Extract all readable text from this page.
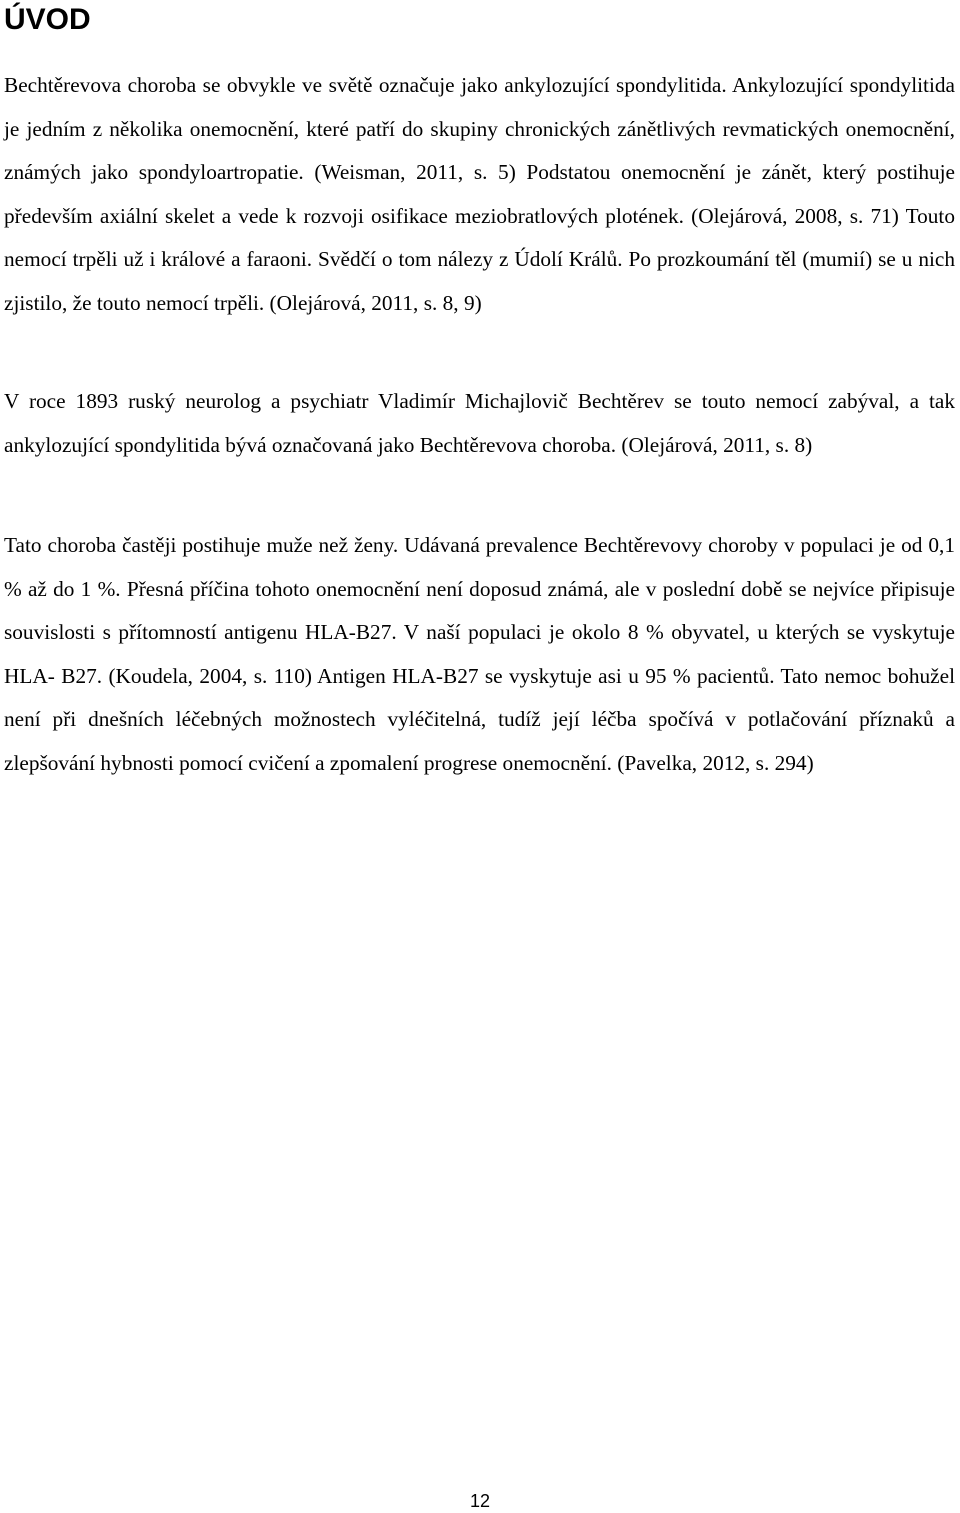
ÚVOD

Bechtěrevova choroba se obvykle ve světě označuje jako ankylozující spondylitida. Ankylozující spondylitida je jedním z několika onemocnění, které patří do skupiny chronických zánětlivých revmatických onemocnění, známých jako spondyloartropatie. (Weisman, 2011, s. 5) Podstatou onemocnění je zánět, který postihuje především axiální skelet a vede k rozvoji osifikace meziobratlových plotének. (Olejárová, 2008, s. 71) Touto nemocí trpěli už i králové a faraoni. Svědčí o tom nálezy z Údolí Králů. Po prozkoumání těl (mumií) se u nich zjistilo, že touto nemocí trpěli. (Olejárová, 2011, s. 8, 9)

V roce 1893 ruský neurolog a psychiatr Vladimír Michajlovič Bechtěrev se touto nemocí zabýval, a tak ankylozující spondylitida bývá označovaná jako Bechtěrevova choroba. (Olejárová, 2011, s. 8)

Tato choroba častěji postihuje muže než ženy. Udávaná prevalence Bechtěrevovy choroby v populaci je od 0,1 % až do 1 %. Přesná příčina tohoto onemocnění není doposud známá, ale v poslední době se nejvíce připisuje souvislosti s přítomností antigenu HLA-B27. V naší populaci je okolo 8 % obyvatel, u kterých se vyskytuje HLA- B27. (Koudela, 2004, s. 110) Antigen HLA-B27 se vyskytuje asi u 95 % pacientů. Tato nemoc bohužel není při dnešních léčebných možnostech vyléčitelná, tudíž její léčba spočívá v potlačování příznaků a zlepšování hybnosti pomocí cvičení a zpomalení progrese onemocnění. (Pavelka, 2012, s. 294)

12
